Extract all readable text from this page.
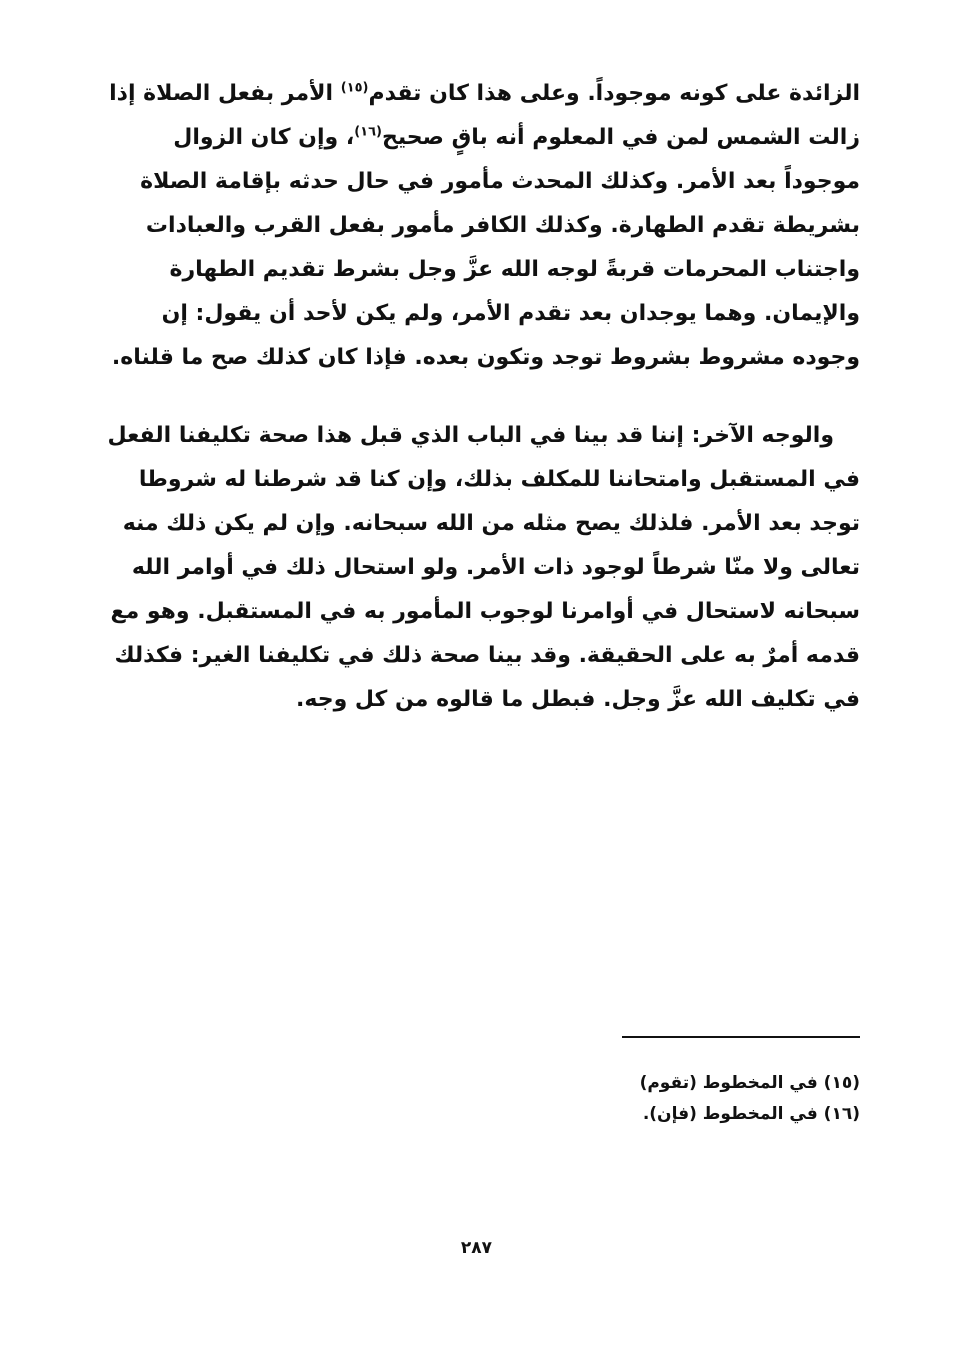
الزائدة على كونه موجوداً. وعلى هذا كان تقدم$^{(١٥)}$ الأمر بفعل الصلاة إذا زالت الشمس لمن في المعلوم أنه باقٍ صحيح$^{(١٦)}$، وإن كان الزوال موجوداً بعد الأمر. وكذلك المحدث مأمور في حال حدثه بإقامة الصلاة بشريطة تقدم الطهارة. وكذلك الكافر مأمور بفعل القرب والعبادات واجتناب المحرمات قربةً لوجه الله عزَّ وجل بشرط تقديم الطهارة والإيمان. وهما يوجدان بعد تقدم الأمر، ولم يكن لأحد أن يقول: إن وجوده مشروط بشروط توجد وتكون بعده. فإذا كان كذلك صح ما قلناه.

والوجه الآخر: إننا قد بينا في الباب الذي قبل هذا صحة تكليفنا الفعل في المستقبل وامتحاننا للمكلف بذلك، وإن كنا قد شرطنا له شروطا توجد بعد الأمر. فلذلك يصح مثله من الله سبحانه. وإن لم يكن ذلك منه تعالى ولا منّا شرطاً لوجود ذات الأمر. ولو استحال ذلك في أوامر الله سبحانه لاستحال في أوامرنا لوجوب المأمور به في المستقبل. وهو مع قدمه أمرٌ به على الحقيقة. وقد بينا صحة ذلك في تكليفنا الغير: فكذلك في تكليف الله عزَّ وجل. فبطل ما قالوه من كل وجه.

(١٥) في المخطوط (تقوم)
(١٦) في المخطوط (فإن).
٢٨٧
